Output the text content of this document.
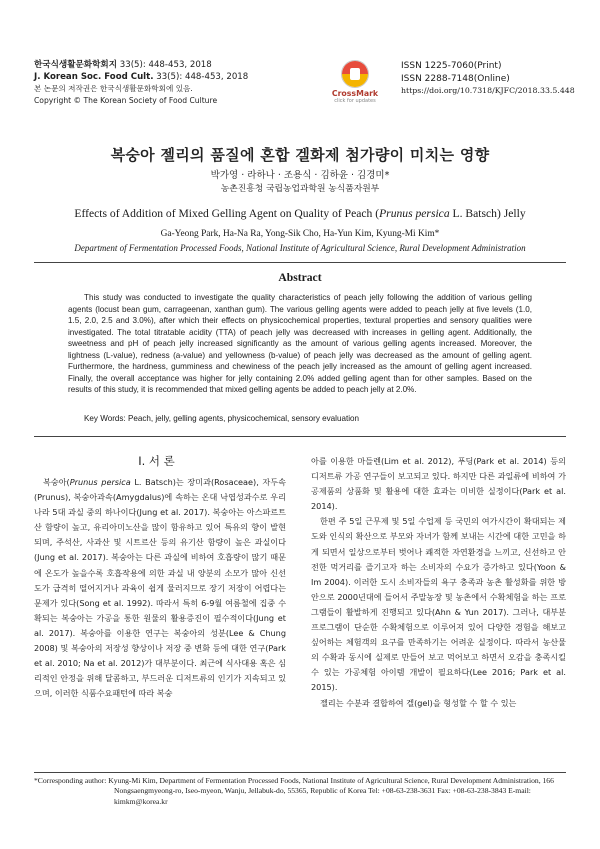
한국식생활문화학회지 33(5): 448-453, 2018
J. Korean Soc. Food Cult. 33(5): 448-453, 2018
본 논문의 저작권은 한국식생활문화학회에 있음.
Copyright © The Korean Society of Food Culture
CrossMark
click for updates
ISSN 1225-7060(Print)
ISSN 2288-7148(Online)
https://doi.org/10.7318/KJFC/2018.33.5.448
복숭아 젤리의 품질에 혼합 겔화제 첨가량이 미치는 영향
박가영 · 라하나 · 조용식 · 김하윤 · 김경미*
농촌진흥청 국립농업과학원 농식품자원부
Effects of Addition of Mixed Gelling Agent on Quality of Peach (Prunus persica L. Batsch) Jelly
Ga-Yeong Park, Ha-Na Ra, Yong-Sik Cho, Ha-Yun Kim, Kyung-Mi Kim*
Department of Fermentation Processed Foods, National Institute of Agricultural Science, Rural Development Administration
Abstract
This study was conducted to investigate the quality characteristics of peach jelly following the addition of various gelling agents (locust bean gum, carrageenan, xanthan gum). The various gelling agents were added to peach jelly at five levels (1.0, 1.5, 2.0, 2.5 and 3.0%), after which their effects on physicochemical properties, textural properties and sensory qualities were investigated. The total titratable acidity (TTA) of peach jelly was decreased with increases in gelling agent. Additionally, the sweetness and pH of peach jelly increased significantly as the amount of various gelling agents increased. Moreover, the lightness (L-value), redness (a-value) and yellowness (b-value) of peach jelly was decreased as the amount of gelling agent. Furthermore, the hardness, gumminess and chewiness of the peach jelly increased as the amount of gelling agent increased. Finally, the overall acceptance was higher for jelly containing 2.0% added gelling agent than for other samples. Based on the results of this study, it is recommended that mixed gelling agents be added to peach jelly at 2.0%.
Key Words: Peach, jelly, gelling agents, physicochemical, sensory evaluation
I. 서 론

복숭아(Prunus persica L. Batsch)는 장미과(Rosaceae), 자두속(Prunus), 복숭아과속(Amygdalus)에 속하는 온대 낙엽성과수로 우리나라 5대 과실 중의 하나이다(Jung et al. 2017). 복숭아는 아스파르트산 함량이 높고, 유리아미노산을 많이 함유하고 있어 특유의 향이 발현되며, 주석산, 사과산 및 시트르산 등의 유기산 함량이 높은 과실이다(Jung et al. 2017). 복숭아는 다른 과실에 비하여 호흡량이 많기 때문에 온도가 높을수록 호흡작용에 의한 과실 내 양분의 소모가 많아 신선도가 급격히 떨어지거나 과육이 쉽게 물러지므로 장기 저장이 어렵다는 문제가 있다(Song et al. 1992). 따라서 특히 6-9월 여름철에 집중 수확되는 복숭아는 가공을 통한 원물의 활용증진이 필수적이다(Jung et al. 2017). 복숭아를 이용한 연구는 복숭아의 성분(Lee & Chung 2008) 및 복숭아의 저장성 향상이나 저장 중 변화 등에 대한 연구(Park et al. 2010; Na et al. 2012)가 대부분이다. 최근에 식사대용 혹은 심리적인 안정을 위해 달콤하고, 부드러운 디저트류의 인기가 지속되고 있으며, 이러한 식품수요패턴에 따라 복숭

아를 이용한 마들렌(Lim et al. 2012), 푸딩(Park et al. 2014) 등의 디저트류 가공 연구들이 보고되고 있다. 하지만 다른 과일류에 비하여 가공제품의 상품화 및 활용에 대한 효과는 미비한 실정이다(Park et al. 2014).

한편 주 5일 근무제 및 5일 수업제 등 국민의 여가시간이 확대되는 제도와 인식의 확산으로 부모와 자녀가 함께 보내는 시간에 대한 고민을 하게 되면서 일상으로부터 벗어나 쾌적한 자연환경을 느끼고, 신선하고 안전한 먹거리를 즐기고자 하는 소비자의 수요가 증가하고 있다(Yoon & Im 2004). 이러한 도시 소비자들의 욕구 충족과 농촌 활성화를 위한 방안으로 2000년대에 들어서 주말농장 및 농촌에서 수확체험을 하는 프로그램들이 활발하게 진행되고 있다(Ahn & Yun 2017). 그러나, 대부분 프로그램이 단순한 수확체험으로 이루어져 있어 다양한 경험을 해보고 싶어하는 체험객의 요구를 만족하기는 어려운 실정이다. 따라서 농산물의 수확과 동시에 실제로 만들어 보고 먹어보고 하면서 오감을 충족시킬 수 있는 가공체험 아이템 개발이 필요하다(Lee 2016; Park et al. 2015).

젤리는 수분과 결합하여 겔(gel)을 형성할 수 할 수 있는

*Corresponding author: Kyung-Mi Kim, Department of Fermentation Processed Foods, National Institute of Agricultural Science, Rural Development Administration, 166 Nongsaengmyeong-ro, Iseo-myeon, Wanju, Jellabuk-do, 55365, Republic of Korea Tel: +08-63-238-3631 Fax: +08-63-238-3843 E-mail: kimkm@korea.kr
